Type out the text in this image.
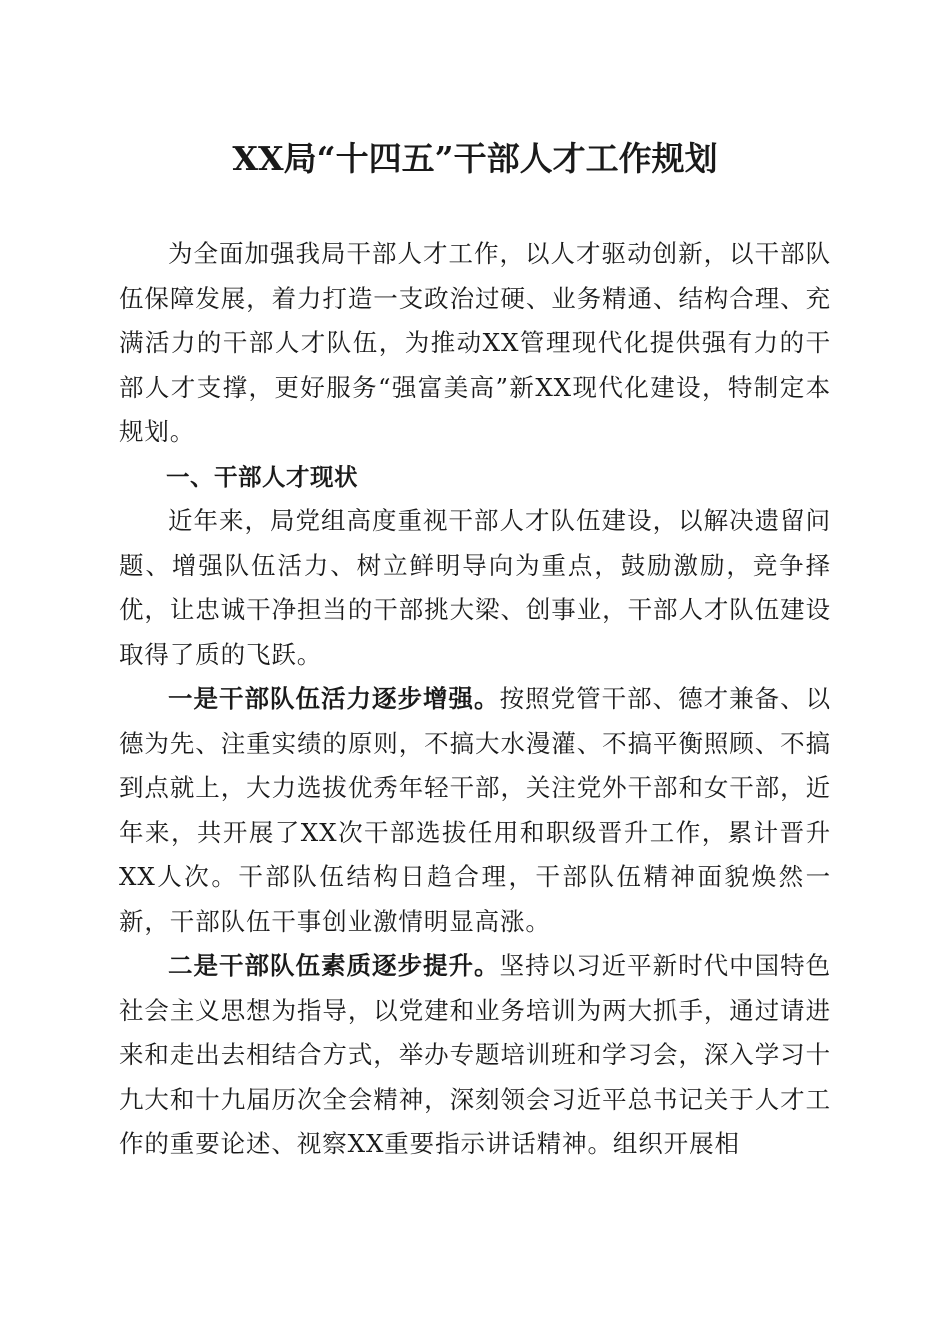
XX局“十四五”干部人才工作规划

为全面加强我局干部人才工作，以人才驱动创新，以干部队伍保障发展，着力打造一支政治过硬、业务精通、结构合理、充满活力的干部人才队伍，为推动XX管理现代化提供强有力的干部人才支撑，更好服务“强富美高”新XX现代化建设，特制定本规划。

一、干部人才现状

近年来，局党组高度重视干部人才队伍建设，以解决遗留问题、增强队伍活力、树立鲜明导向为重点，鼓励激励，竞争择优，让忠诚干净担当的干部挑大梁、创事业，干部人才队伍建设取得了质的飞跃。

一是干部队伍活力逐步增强。按照党管干部、德才兼备、以德为先、注重实绩的原则，不搞大水漫灌、不搞平衡照顾、不搞到点就上，大力选拔优秀年轻干部，关注党外干部和女干部，近年来，共开展了XX次干部选拔任用和职级晋升工作，累计晋升XX人次。干部队伍结构日趋合理，干部队伍精神面貌焕然一新，干部队伍干事创业激情明显高涨。

二是干部队伍素质逐步提升。坚持以习近平新时代中国特色社会主义思想为指导，以党建和业务培训为两大抓手，通过请进来和走出去相结合方式，举办专题培训班和学习会，深入学习十九大和十九届历次全会精神，深刻领会习近平总书记关于人才工作的重要论述、视察XX重要指示讲话精神。组织开展相
